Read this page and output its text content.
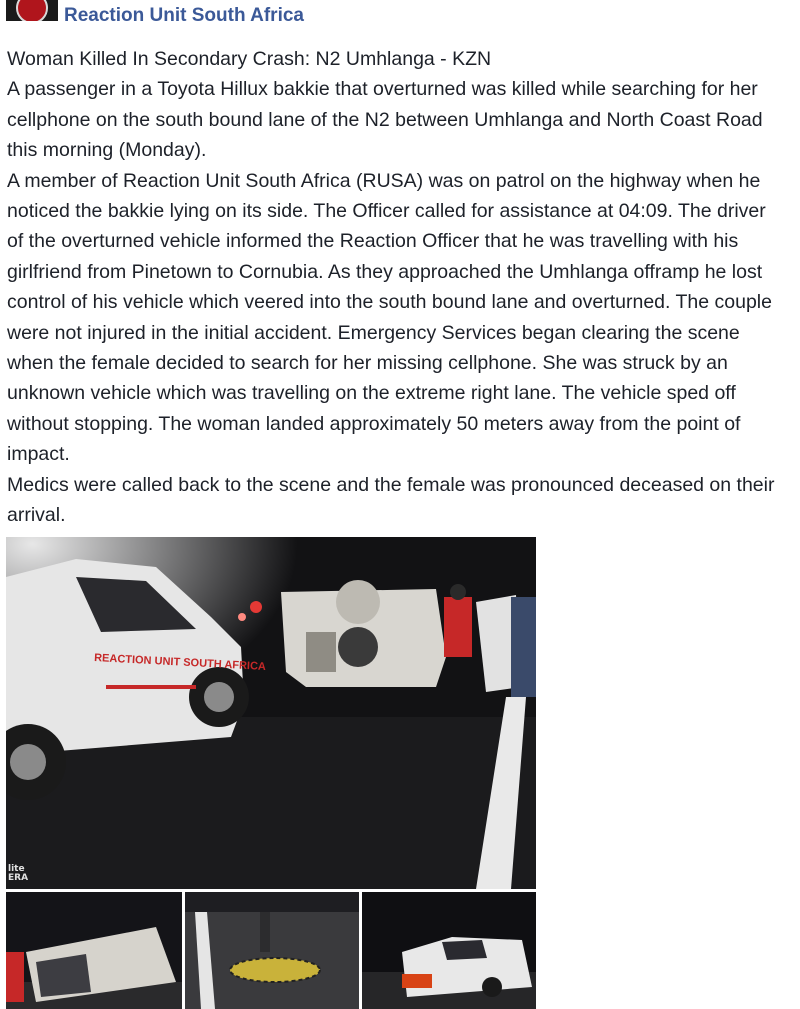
Reaction Unit South Africa

Woman Killed In Secondary Crash: N2 Umhlanga - KZN

A passenger in a Toyota Hillux bakkie that overturned was killed while searching for her cellphone on the south bound lane of the N2 between Umhlanga and North Coast Road this morning (Monday).

A member of Reaction Unit South Africa (RUSA) was on patrol on the highway when he noticed the bakkie lying on its side. The Officer called for assistance at 04:09. The driver of the overturned vehicle informed the Reaction Officer that he was travelling with his girlfriend from Pinetown to Cornubia. As they approached the Umhlanga offramp he lost control of his vehicle which veered into the south bound lane and overturned. The couple were not injured in the initial accident. Emergency Services began clearing the scene when the female decided to search for her missing cellphone. She was struck by an unknown vehicle which was travelling on the extreme right lane. The vehicle sped off without stopping. The woman landed approximately 50 meters away from the point of impact.

Medics were called back to the scene and the female was pronounced deceased on their arrival.

REACTION UNIT SOUTH AFRICA
lite
ERA
